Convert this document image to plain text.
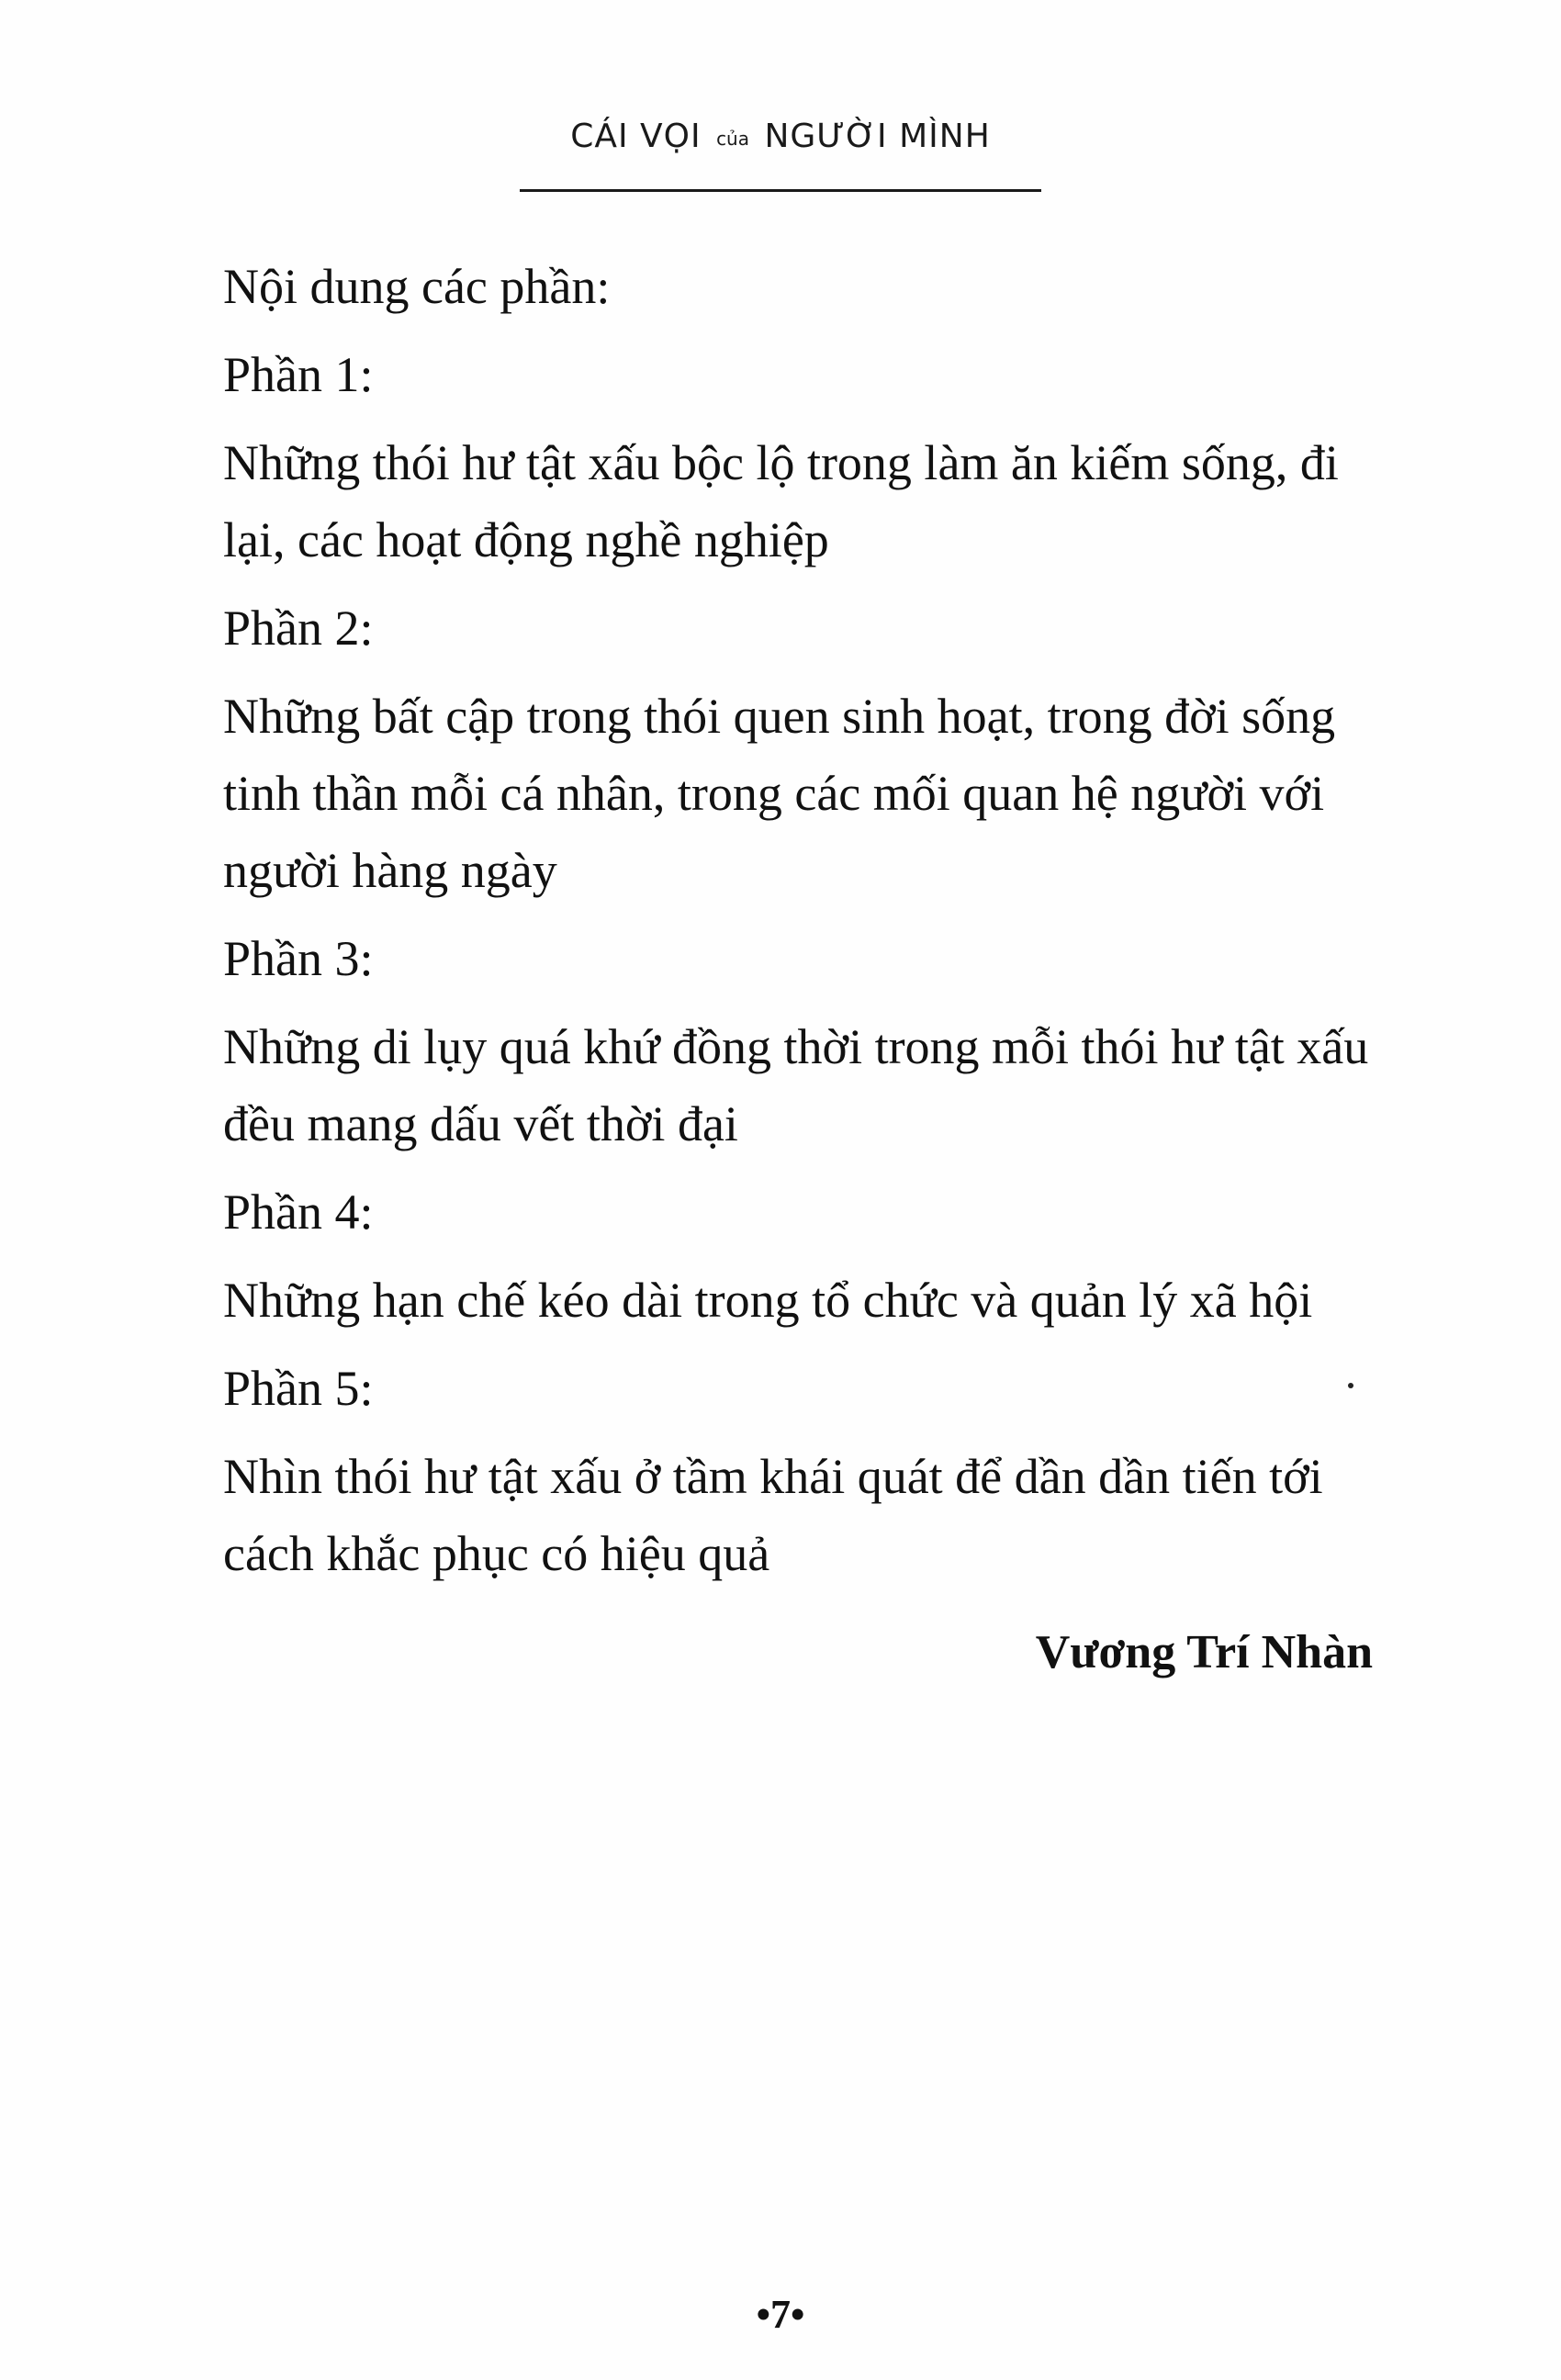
CÁI VỌI của NGƯỜI MÌNH

Nội dung các phần:

Phần 1:

Những thói hư tật xấu bộc lộ trong làm ăn kiếm sống, đi lại, các hoạt động nghề nghiệp

Phần 2:

Những bất cập trong thói quen sinh hoạt, trong đời sống tinh thần mỗi cá nhân, trong các mối quan hệ người với người hàng ngày

Phần 3:

Những di lụy quá khứ đồng thời trong mỗi thói hư tật xấu đều mang dấu vết thời đại

Phần 4:

Những hạn chế kéo dài trong tổ chức và quản lý xã hội

Phần 5:

Nhìn thói hư tật xấu ở tầm khái quát để dần dần tiến tới cách khắc phục có hiệu quả

Vương Trí Nhàn
•7•
